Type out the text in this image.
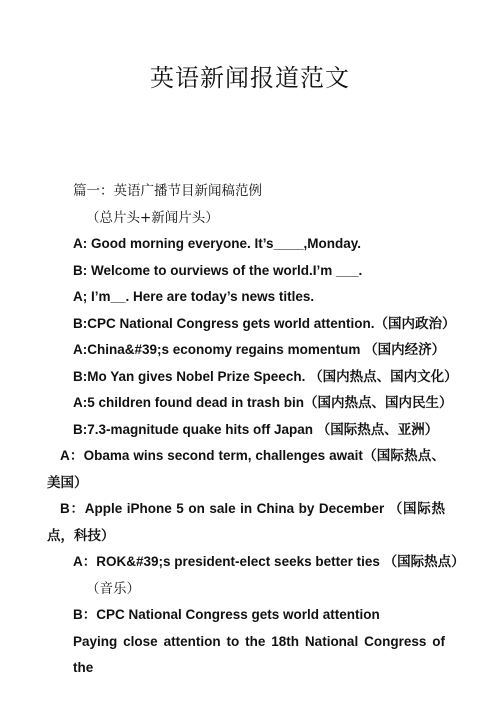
英语新闻报道范文

篇一：英语广播节目新闻稿范例

（总片头+新闻片头）

A: Good morning everyone. It’s____,Monday.

B: Welcome to ourviews of the world.I’m ___.

A; I’m__. Here are today’s news titles.

B:CPC National Congress gets world attention.（国内政治）

A:China&#39;s economy regains momentum （国内经济）

B:Mo Yan gives Nobel Prize Speech. （国内热点、国内文化）

A:5 children found dead in trash bin（国内热点、国内民生）

B:7.3-magnitude quake hits off Japan （国际热点、亚洲）

A：Obama wins second term, challenges await（国际热点、美国）

B：Apple iPhone 5 on sale in China by December （国际热点，科技）

A：ROK&#39;s president-elect seeks better ties （国际热点）

（音乐）

B：CPC National Congress gets world attention

Paying close attention to the 18th National Congress of the
